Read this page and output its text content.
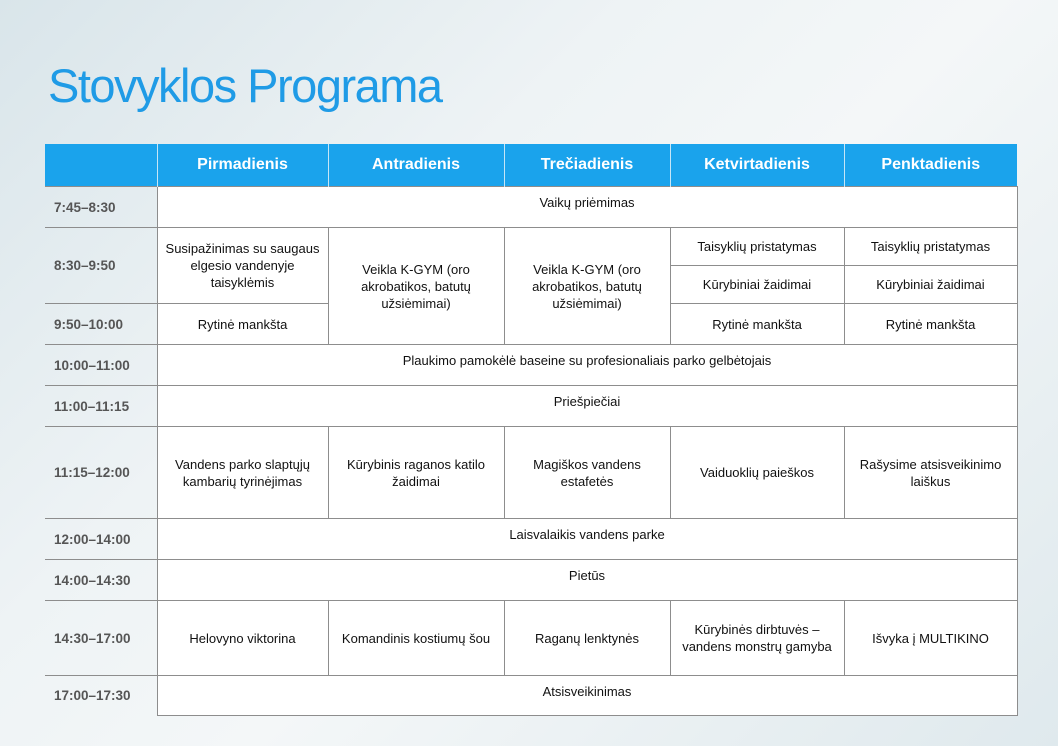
Stovyklos Programa
	Pirmadienis	Antradienis	Trečiadienis	Ketvirtadienis	Penktadienis
7:45–8:30	Vaikų priėmimas				
8:30–9:50	Susipažinimas su saugaus elgesio vandenyje taisyklėmis	Veikla K-GYM (oro akrobatikos, batutų užsiėmimai)	Veikla K-GYM (oro akrobatikos, batutų užsiėmimai)	Taisyklių pristatymas	Taisyklių pristatymas
				Kūrybiniai žaidimai	Kūrybiniai žaidimai
9:50–10:00	Rytinė mankšta			Rytinė mankšta	Rytinė mankšta
10:00–11:00	Plaukimo pamokėlė baseine su profesionaliais parko gelbėtojais				
11:00–11:15	Priešpiečiai				
11:15–12:00	Vandens parko slaptųjų kambarių tyrinėjimas	Kūrybinis raganos katilo žaidimai	Magiškos vandens estafetės	Vaiduoklių paieškos	Rašysime atsisveikinimo laiškus
12:00–14:00	Laisvalaikis vandens parke				
14:00–14:30	Pietūs				
14:30–17:00	Helovyno viktorina	Komandinis kostiumų šou	Raganų lenktynės	Kūrybinės dirbtuvės – vandens monstrų gamyba	Išvyka į MULTIKINO
17:00–17:30	Atsisveikinimas				
